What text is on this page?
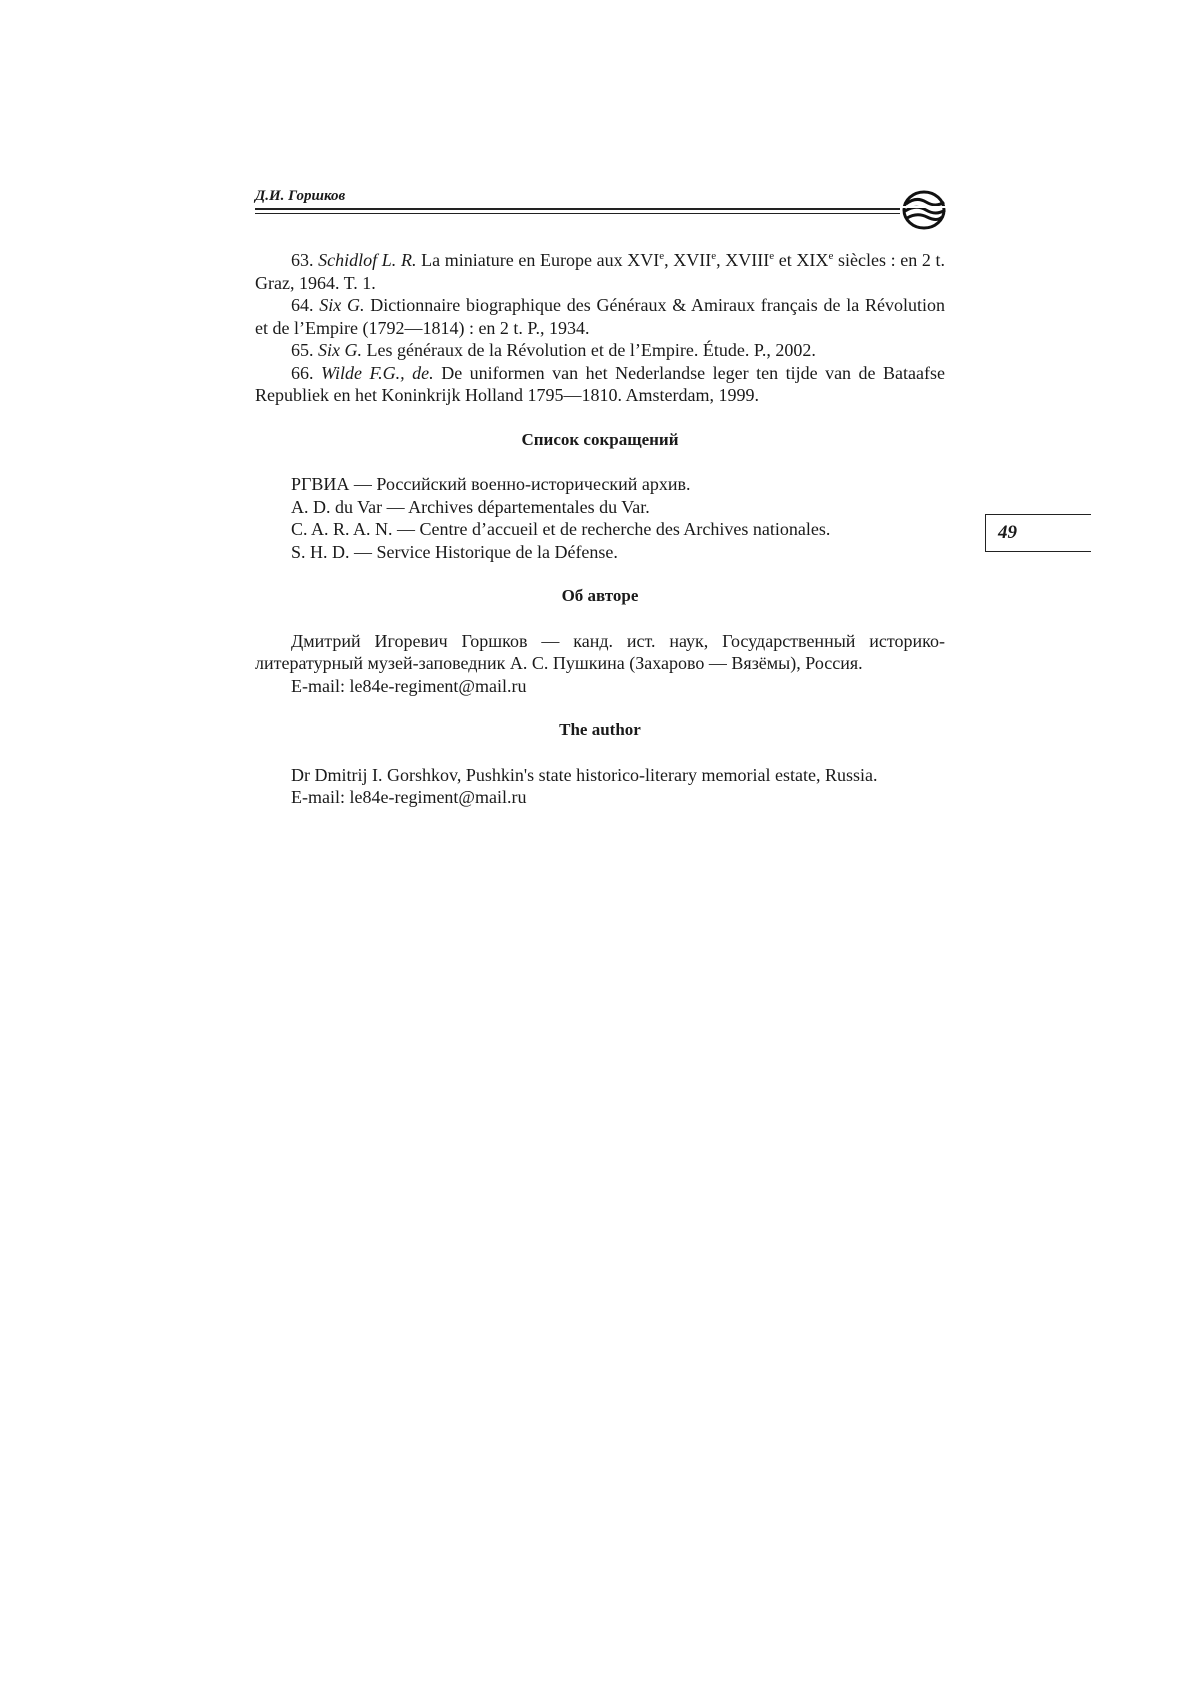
Д.И. Горшков

63. Schidlof L. R. La miniature en Europe aux XVIe, XVIIe, XVIIIe et XIXe siècles : en 2 t. Graz, 1964. T. 1.

64. Six G. Dictionnaire biographique des Généraux & Amiraux français de la Révolution et de l’Empire (1792—1814) : en 2 t. P., 1934.

65. Six G. Les généraux de la Révolution et de l’Empire. Étude. P., 2002.

66. Wilde F.G., de. De uniformen van het Nederlandse leger ten tijde van de Bataafse Republiek en het Koninkrijk Holland 1795—1810. Amsterdam, 1999.

Список сокращений

РГВИА — Российский военно-исторический архив.

A. D. du Var — Archives départementales du Var.

C. A. R. A. N. — Centre d’accueil et de recherche des Archives nationales.

S. H. D. — Service Historique de la Défense.

Об авторе

Дмитрий Игоревич Горшков — канд. ист. наук, Государственный историко-литературный музей-заповедник А. С. Пушкина (Захарово — Вязёмы), Россия.

E-mail: le84e-regiment@mail.ru

The author

Dr Dmitrij I. Gorshkov, Pushkin's state historico-literary memorial estate, Russia.

E-mail: le84e-regiment@mail.ru

49
